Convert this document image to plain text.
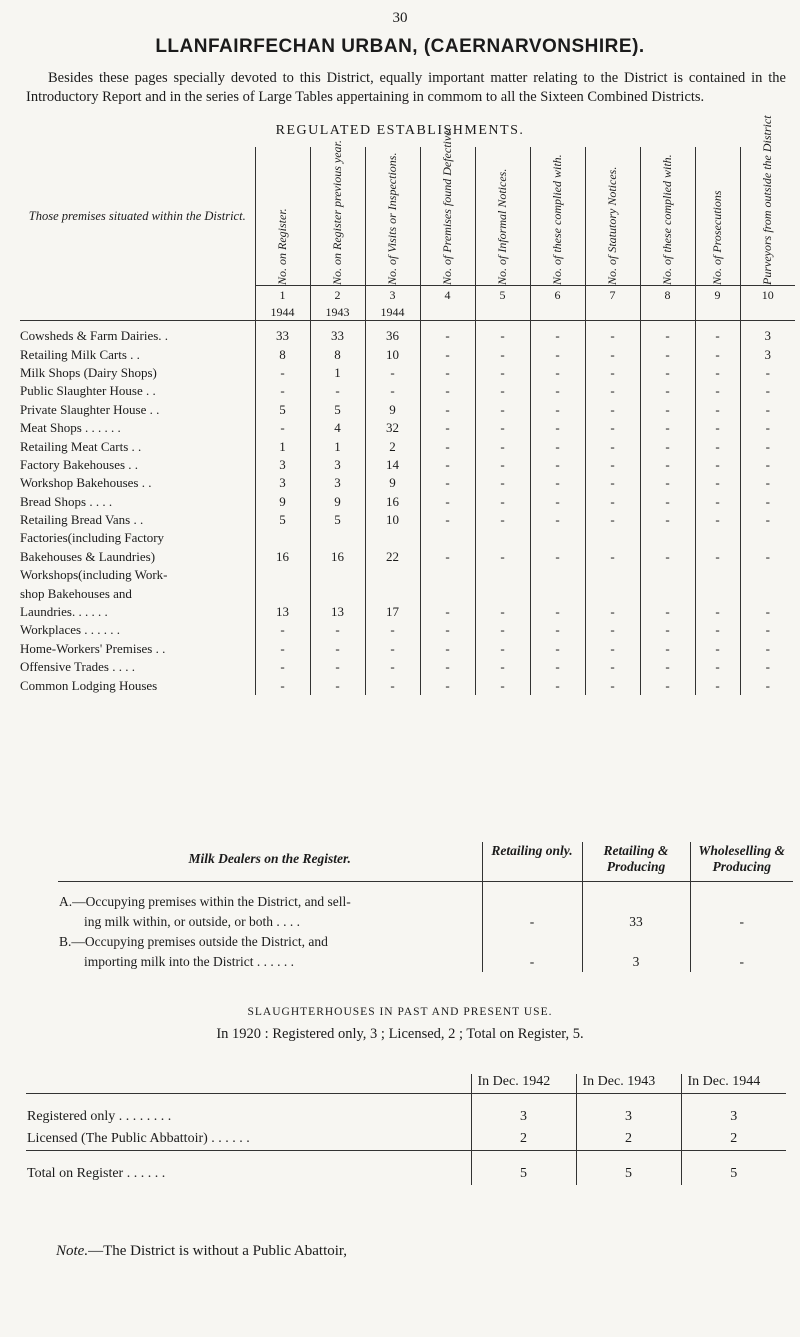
30
LLANFAIRFECHAN URBAN, (CAERNARVONSHIRE).
Besides these pages specially devoted to this District, equally important matter relating to the District is contained in the Introductory Report and in the series of Large Tables appertaining in commom to all the Sixteen Combined Districts.
REGULATED ESTABLISHMENTS.
Those premises situated within the District.	No. on Register.	No. on Register previous year.	No. of Visits or Inspections.	No. of Premises found Defective.	No. of Informal Notices.	No. of these complied with.	No. of Statutory Notices.	No. of these complied with.	No. of Prosecutions	Purveyors from outside the District

	1	2	3	4	5	6	7	8	9	10
	1944	1943	1944							
Cowsheds & Farm Dairies. .	33	33	36	-	-	-	-	-	-	3
Retailing Milk Carts . .	8	8	10	-	-	-	-	-	-	3
Milk Shops (Dairy Shops)	-	1	-	-	-	-	-	-	-	-
Public Slaughter House . .	-	-	-	-	-	-	-	-	-	-
Private Slaughter House . .	5	5	9	-	-	-	-	-	-	-
Meat Shops . . . . . .	-	4	32	-	-	-	-	-	-	-
Retailing Meat Carts . .	1	1	2	-	-	-	-	-	-	-
Factory Bakehouses . .	3	3	14	-	-	-	-	-	-	-
Workshop Bakehouses . .	3	3	9	-	-	-	-	-	-	-
Bread Shops . . . .	9	9	16	-	-	-	-	-	-	-
Retailing Bread Vans . .	5	5	10	-	-	-	-	-	-	-
Factories(including Factory										
Bakehouses & Laundries)	16	16	22	-	-	-	-	-	-	-
Workshops(including Work-										
shop Bakehouses and										
Laundries. . . . . .	13	13	17	-	-	-	-	-	-	-
Workplaces . . . . . .	-	-	-	-	-	-	-	-	-	-
Home-Workers' Premises . .	-	-	-	-	-	-	-	-	-	-
Offensive Trades . . . .	-	-	-	-	-	-	-	-	-	-
Common Lodging Houses	-	-	-	-	-	-	-	-	-	-
Milk Dealers on the Register.	Retailing only.	Retailing & Producing	Wholeselling & Producing

A.—Occupying premises within the District, and sell-			
ing milk within, or outside, or both . . . .	-	33	-
B.—Occupying premises outside the District, and			
importing milk into the District . . . . . .	-	3	-
SLAUGHTERHOUSES IN PAST AND PRESENT USE.
In 1920 : Registered only, 3 ; Licensed, 2 ; Total on Register, 5.
	In Dec. 1942	In Dec. 1943	In Dec. 1944

Registered only . . . . . . . .	3	3	3
Licensed (The Public Abbattoir) . . . . . .	2	2	2

Total on Register . . . . . .	5	5	5
Note.—The District is without a Public Abattoir,
